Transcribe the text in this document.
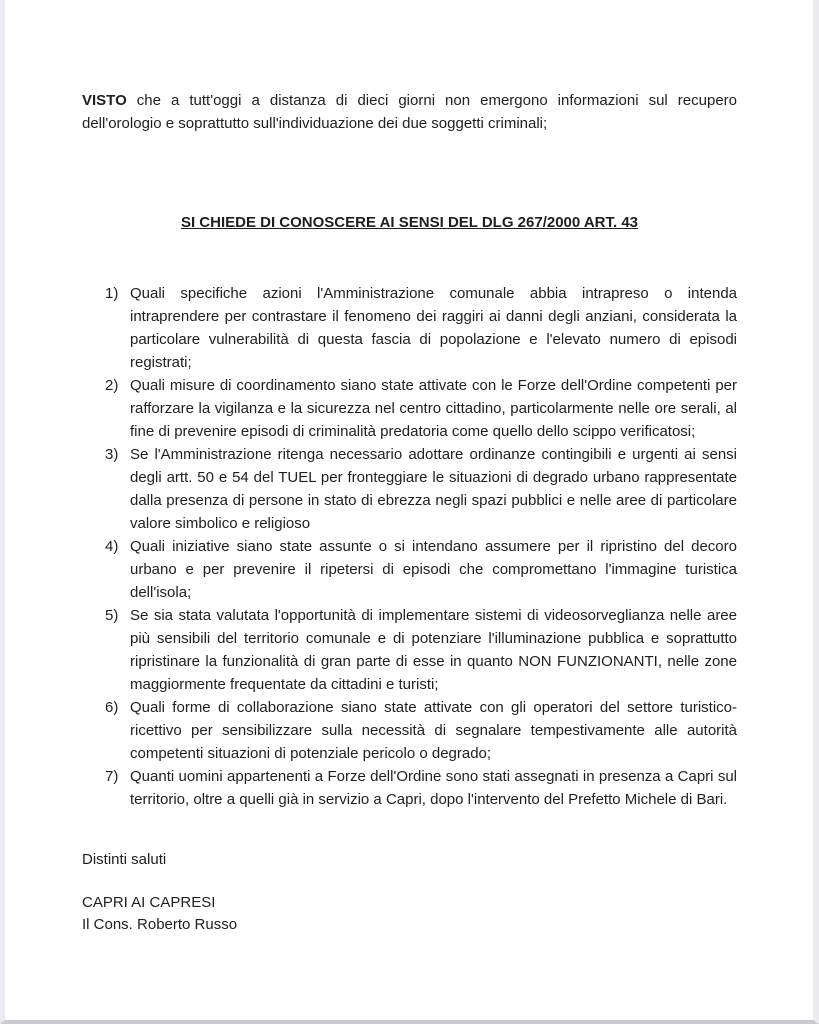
VISTO che a tutt'oggi a distanza di dieci giorni non emergono informazioni sul recupero dell'orologio e soprattutto sull'individuazione dei due soggetti criminali;

SI CHIEDE DI CONOSCERE AI SENSI DEL DLG 267/2000 ART. 43
1) Quali specifiche azioni l'Amministrazione comunale abbia intrapreso o intenda intraprendere per contrastare il fenomeno dei raggiri ai danni degli anziani, considerata la particolare vulnerabilità di questa fascia di popolazione e l'elevato numero di episodi registrati;
2) Quali misure di coordinamento siano state attivate con le Forze dell'Ordine competenti per rafforzare la vigilanza e la sicurezza nel centro cittadino, particolarmente nelle ore serali, al fine di prevenire episodi di criminalità predatoria come quello dello scippo verificatosi;
3) Se l'Amministrazione ritenga necessario adottare ordinanze contingibili e urgenti ai sensi degli artt. 50 e 54 del TUEL per fronteggiare le situazioni di degrado urbano rappresentate dalla presenza di persone in stato di ebrezza negli spazi pubblici e nelle aree di particolare valore simbolico e religioso
4) Quali iniziative siano state assunte o si intendano assumere per il ripristino del decoro urbano e per prevenire il ripetersi di episodi che compromettano l'immagine turistica dell'isola;
5) Se sia stata valutata l'opportunità di implementare sistemi di videosorveglianza nelle aree più sensibili del territorio comunale e di potenziare l'illuminazione pubblica e soprattutto ripristinare la funzionalità di gran parte di esse in quanto NON FUNZIONANTI, nelle zone maggiormente frequentate da cittadini e turisti;
6) Quali forme di collaborazione siano state attivate con gli operatori del settore turistico-ricettivo per sensibilizzare sulla necessità di segnalare tempestivamente alle autorità competenti situazioni di potenziale pericolo o degrado;
7) Quanti uomini appartenenti a Forze dell'Ordine sono stati assegnati in presenza a Capri sul territorio, oltre a quelli già in servizio a Capri, dopo l'intervento del Prefetto Michele di Bari.
Distinti saluti
CAPRI AI CAPRESI
Il Cons. Roberto Russo
